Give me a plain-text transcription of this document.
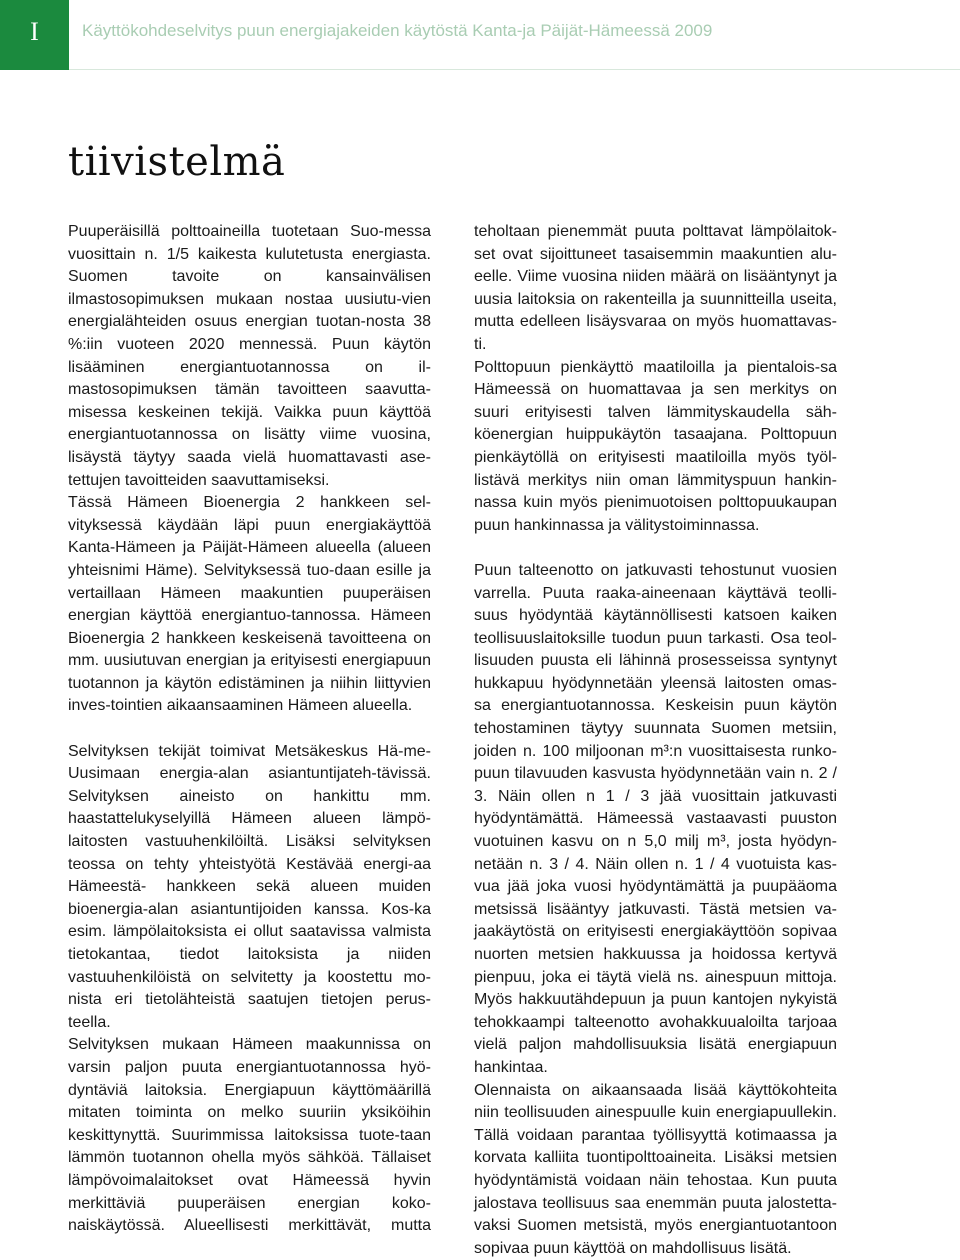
I	Käyttökohdeselvitys puun energiajakeiden käytöstä Kanta-ja Päijät-Hämeessä 2009
tiivistelmä

Puuperäisillä polttoaineilla tuotetaan Suo-messa vuosittain n. 1/5 kaikesta kulutetusta energiasta. Suomen tavoite on kansainvälisen ilmastosopimuksen mukaan nostaa uusiutu-vien energialähteiden osuus energian tuotan-nosta 38 %:iin vuoteen 2020 mennessä. Puun käytön lisääminen energiantuotannossa on il-mastosopimuksen tämän tavoitteen saavutta-misessa keskeinen tekijä. Vaikka puun käyttöä energiantuotannossa on lisätty viime vuosina, lisäystä täytyy saada vielä huomattavasti ase-tettujen tavoitteiden saavuttamiseksi.

Tässä Hämeen Bioenergia 2 hankkeen sel-vityksessä käydään läpi puun energiakäyttöä Kanta-Hämeen ja Päijät-Hämeen alueella (alueen yhteisnimi Häme). Selvityksessä tuo-daan esille ja vertaillaan Hämeen maakuntien puuperäisen energian käyttöä energiantuo-tannossa. Hämeen Bioenergia 2 hankkeen keskeisenä tavoitteena on mm. uusiutuvan energian ja erityisesti energiapuun tuotannon ja käytön edistäminen ja niihin liittyvien inves-tointien aikaansaaminen Hämeen alueella.

Selvityksen tekijät toimivat Metsäkeskus Hä-me-Uusimaan energia-alan asiantuntijateh-tävissä. Selvityksen aineisto on hankittu mm. haastattelukyselyillä Hämeen alueen lämpö-laitosten vastuuhenkilöiltä. Lisäksi selvityksen teossa on tehty yhteistyötä Kestävää energi-aa Hämeestä- hankkeen sekä alueen muiden bioenergia-alan asiantuntijoiden kanssa. Kos-ka esim. lämpölaitoksista ei ollut saatavissa valmista tietokantaa, tiedot laitoksista ja niiden vastuuhenkilöistä on selvitetty ja koostettu mo-nista eri tietolähteistä saatujen tietojen perus-teella.

Selvityksen mukaan Hämeen maakunnissa on varsin paljon puuta energiantuotannossa hyö-dyntäviä laitoksia. Energiapuun käyttömäärillä mitaten toiminta on melko suuriin yksiköihin keskittynyttä. Suurimmissa laitoksissa tuote-taan lämmön tuotannon ohella myös sähköä. Tällaiset lämpövoimalaitokset ovat Hämeessä hyvin merkittäviä puuperäisen energian koko-naiskäytössä. Alueellisesti merkittävät, mutta

teholtaan pienemmät puuta polttavat lämpölaitok-set ovat sijoittuneet tasaisemmin maakuntien alu-eelle. Viime vuosina niiden määrä on lisääntynyt ja uusia laitoksia on rakenteilla ja suunnitteilla useita, mutta edelleen lisäysvaraa on myös huomattavas-ti.

Polttopuun pienkäyttö maatiloilla ja pientalois-sa Hämeessä on huomattavaa ja sen merkitys on suuri erityisesti talven lämmityskaudella säh-köenergian huippukäytön tasaajana. Polttopuun pienkäytöllä on erityisesti maatiloilla myös työl-listävä merkitys niin oman lämmityspuun hankin-nassa kuin myös pienimuotoisen polttopuukaupan puun hankinnassa ja välitystoiminnassa.

Puun talteenotto on jatkuvasti tehostunut vuosien varrella. Puuta raaka-aineenaan käyttävä teolli-suus hyödyntää käytännöllisesti katsoen kaiken teollisuuslaitoksille tuodun puun tarkasti. Osa teol-lisuuden puusta eli lähinnä prosesseissa syntynyt hukkapuu hyödynnetään yleensä laitosten omas-sa energiantuotannossa. Keskeisin puun käytön tehostaminen täytyy suunnata Suomen metsiin, joiden n. 100 miljoonan m³:n vuosittaisesta runko-puun tilavuuden kasvusta hyödynnetään vain n. 2 / 3. Näin ollen n 1 / 3 jää vuosittain jatkuvasti hyödyntämättä. Hämeessä vastaavasti puuston vuotuinen kasvu on n 5,0 milj m³, josta hyödyn-netään n. 3 / 4. Näin ollen n. 1 / 4 vuotuista kas-vua jää joka vuosi hyödyntämättä ja puupääoma metsissä lisääntyy jatkuvasti. Tästä metsien va-jaakäytöstä on erityisesti energiakäyttöön sopivaa nuorten metsien hakkuussa ja hoidossa kertyvä pienpuu, joka ei täytä vielä ns. ainespuun mittoja. Myös hakkuutähdepuun ja puun kantojen nykyistä tehokkaampi talteenotto avohakkuualoilta tarjoaa vielä paljon mahdollisuuksia lisätä energiapuun hankintaa.

Olennaista on aikaansaada lisää käyttökohteita niin teollisuuden ainespuulle kuin energiapuullekin. Tällä voidaan parantaa työllisyyttä kotimaassa ja korvata kalliita tuontipolttoaineita. Lisäksi metsien hyödyntämistä voidaan näin tehostaa. Kun puuta jalostava teollisuus saa enemmän puuta jalostetta-vaksi Suomen metsistä, myös energiantuotantoon sopivaa puun käyttöä on mahdollisuus lisätä.
